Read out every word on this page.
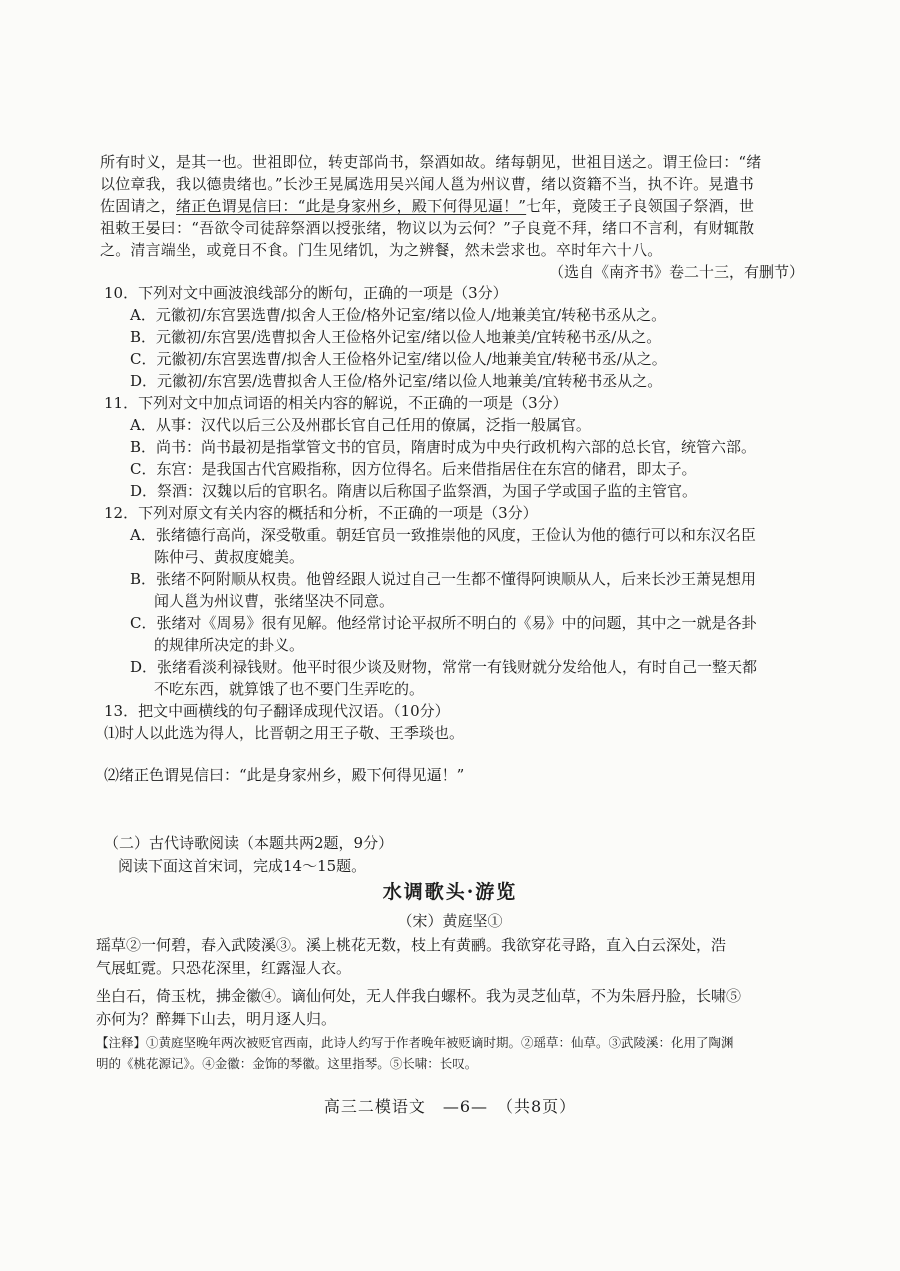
所有时义，是其一也。世祖即位，转吏部尚书，祭酒如故。绪每朝见，世祖目送之。谓王俭曰：“绪
以位章我，我以德贵绪也。”长沙王晃属选用吴兴闻人邕为州议曹，绪以资籍不当，执不许。晃遣书
佐固请之，绪正色谓晃信曰：“此是身家州乡，殿下何得见逼！”七年，竟陵王子良领国子祭酒，世
祖敕王晏曰：“吾欲令司徒辞祭酒以授张绪，物议以为云何？”子良竟不拜，绪口不言利，有财辄散
之。清言端坐，或竟日不食。门生见绪饥，为之辨餐，然未尝求也。卒时年六十八。
（选自《南齐书》卷二十三，有删节）
10．下列对文中画波浪线部分的断句，正确的一项是（3分）
A．元徽初/东宫罢选曹/拟舍人王俭/格外记室/绪以俭人/地兼美宜/转秘书丞从之。
B．元徽初/东宫罢/选曹拟舍人王俭格外记室/绪以俭人地兼美/宜转秘书丞/从之。
C．元徽初/东宫罢选曹/拟舍人王俭格外记室/绪以俭人/地兼美宜/转秘书丞/从之。
D．元徽初/东宫罢/选曹拟舍人王俭/格外记室/绪以俭人地兼美/宜转秘书丞从之。
11．下列对文中加点词语的相关内容的解说，不正确的一项是（3分）
A．从事：汉代以后三公及州郡长官自己任用的僚属，泛指一般属官。
B．尚书：尚书最初是指掌管文书的官员，隋唐时成为中央行政机构六部的总长官，统管六部。
C．东宫：是我国古代宫殿指称，因方位得名。后来借指居住在东宫的储君，即太子。
D．祭酒：汉魏以后的官职名。隋唐以后称国子监祭酒，为国子学或国子监的主管官。
12．下列对原文有关内容的概括和分析，不正确的一项是（3分）
A．张绪德行高尚，深受敬重。朝廷官员一致推崇他的风度，王俭认为他的德行可以和东汉名臣
陈仲弓、黄叔度媲美。
B．张绪不阿附顺从权贵。他曾经跟人说过自己一生都不懂得阿谀顺从人，后来长沙王萧晃想用
闻人邕为州议曹，张绪坚决不同意。
C．张绪对《周易》很有见解。他经常讨论平叔所不明白的《易》中的问题，其中之一就是各卦
的规律所决定的卦义。
D．张绪看淡利禄钱财。他平时很少谈及财物，常常一有钱财就分发给他人，有时自己一整天都
不吃东西，就算饿了也不要门生弄吃的。
13．把文中画横线的句子翻译成现代汉语。（10分）
⑴时人以此选为得人，比晋朝之用王子敬、王季琰也。
⑵绪正色谓晃信曰：“此是身家州乡，殿下何得见逼！”
（二）古代诗歌阅读（本题共两2题，9分）
阅读下面这首宋词，完成14～15题。
水调歌头·游览
（宋）黄庭坚①
瑶草②一何碧，春入武陵溪③。溪上桃花无数，枝上有黄鹂。我欲穿花寻路，直入白云深处，浩
气展虹霓。只恐花深里，红露湿人衣。
坐白石，倚玉枕，拂金徽④。谪仙何处，无人伴我白螺杯。我为灵芝仙草，不为朱唇丹脸，长啸⑤
亦何为？醉舞下山去，明月逐人归。
【注释】①黄庭坚晚年两次被贬官西南，此诗人约写于作者晚年被贬谪时期。②瑶草：仙草。③武陵溪：化用了陶渊
明的《桃花源记》。④金徽：金饰的琴徽。这里指琴。⑤长啸：长叹。
高三二模语文　—6—　（共8页）
